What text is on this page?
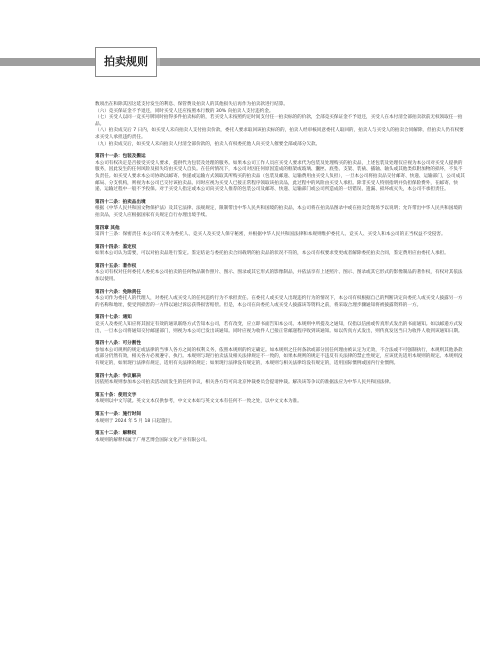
拍卖规则

数项出在和除其因这延支付发生的利息、保管费及拍卖人的其他损失后再作为拍卖款进行结算。

（六）竞买保证金不予退还，同时买受人还应按照本行数的 30% 向拍卖人支付违约金。

（七）买受人以同一竞买号牌同时拍得多件拍卖标的的，若买受人未按照约定时间支付任一拍卖标的的价款，全部竞买保证金不予退还，买受人在本付清全部拍卖款前无权领取任一拍品。

（八）拍卖成交后 7 日内，如买受人未向拍卖人支付拍卖价款，委托人要求取回该拍卖标的的，拍卖人经审核同意委托人取回的，拍卖人与买受人的拍卖合同解除，但拍卖人仍有权要求买受人承担违约责任。

（九）拍卖成交后，如买受人未向拍卖人付清全部价款的，拍卖人有权委托他人向买受人催要全部或部分欠款。

第四十一条：包装及搬运

本公司有权决定是否接受买受人要求，提供代为包装及处理的服务。如果本公司工作人员应买受人要求代为包装及处理购买的拍卖品，上述包装及处理仅应视为本公司对买受人提供的服务，因此发生的任何风险及损失均由买受人自负。在任何情况下，本公司对因任何原因造成的框架或玻璃、囊匣、底垫、支架、装裱、插轴、轴头或其他类似附加物的损坏，不负不负责任。如买受人要求本公司协助以邮寄、快递或运输方式领取其所购买的拍卖品（包装及邮递、运输费用由买受人负担），一旦本公司将拍卖品交付邮寄、快递、运输部门，公司成其邮局、分支机构，则视为本公司已交付该拍卖品。同时应视为买受人已接正常程序领取该拍卖品，此过程中的风险由买受人承担。除非买受人特别指明并负担保险费外，在邮寄、快递、运输过程中一般不予投保。对于买受人指定或本公司向买受人推荐的包装公司及邮寄、快递、运输部门或公司所造成的一切错误、遗漏、损坏或灭失，本公司不承担责任。

第四十二条：拍卖品出境

根据《中华人民共和国文物保护法》及其它法律、法规规定，限制带出中华人民共和国境的拍卖品，本公司将在拍卖品图录中或在拍卖会现场予以说明；允许带出中华人民共和国境的拍卖品，买受人应根据国家有关规定自行办理出境手续。

第四章 其他

第四十三条：保密责任 本公司有义务为委托人、竞买人及买受人保守秘密，并根据中华人民共和国法律和本规则维护委托人、竞买人、买受人和本公司的正当权益不受侵害。

第四十四条：鉴定权

如果本公司认为需要，可以对拍卖品进行鉴定。鉴定结论与委托拍卖合同载明的拍卖品的状况不符的，本公司有权要求变更或者解除委托拍卖合同，鉴定费用应由委托人承担。

第四十五条：著作权

本公司有权对任何委托人委托本公司拍卖的任何物品制作照片、图示、图录或其它形式的影像制品，并依法享有上述照片、图示、图录或其它形式的影像制品的著作权，有权对其依法加以使用。

第四十六条：免除责任

本公司作为委托人的代理人，对委托人或买受人的任何违约行为不承担责任。在委托人或买受人出现违约行为的情况下，本公司有权根据自己的判断决定向委托人或买受人披露另一方的名称和地址，使受到损害的一方得以通过诉讼获得损害赔偿。但是，本公司在向委托人或买受人披露该等资料之前，将采取合理步骤通知将被披露资料的一方。

第四十七条：通知

竞买人及委托人知应将其固定有效的通讯联络方式告知本公司，若有改变，应立即书面告知本公司。本规则中所提及之通知，仅指以信函或传真形式发出的书面通知。如以邮递方式发出，一旦本公司将通知交付邮递部门，则视为本公司已发出该通知。同时应视为收件人已接正常邮递程序收到该通知。如以传真方式发出，则传真发送当日为收件人收到该通知日期。

第四十八条：可分割性

参加本公司规则的规定或法律的当事人各方之间的权利义务，依照本规则的约定确定。如本规则之任何条款或部分因任何理由被认定为无效，不合法或不可强制执行，本规则其他条款或部分仍然有效，相关各方必须遵守、执行。本规则与现行拍卖法及相关法律规定不一致的，如果本规则的规定不违反有关法律的禁止性规定，应该优先适用本规则的规定。本规则没有规定的，如果现行法律有规定，适用有关法律的规定；如果现行法律没有规定的，本规则与相关法律均没有规定的，适用国际惯例或国内行业惯例。

第四十九条：争议解决

因依照本规则参加本公司拍卖活动而发生的任何争议，相关各方均可向北京仲裁委员会提请仲裁。解决该等争议的准据法应为中华人民共和国法律。

第五十条：使用文字

本规则以中文写就。英文文本仅供参考，中文文本如与英文文本有任何不一致之处，以中文文本为准。

第五十一条：施行时间

本规则于 2024 年 5 月 18 日起施行。

第五十二条：解释权

本规则的解释权属于广州艺博会国际文化产业有限公司。
